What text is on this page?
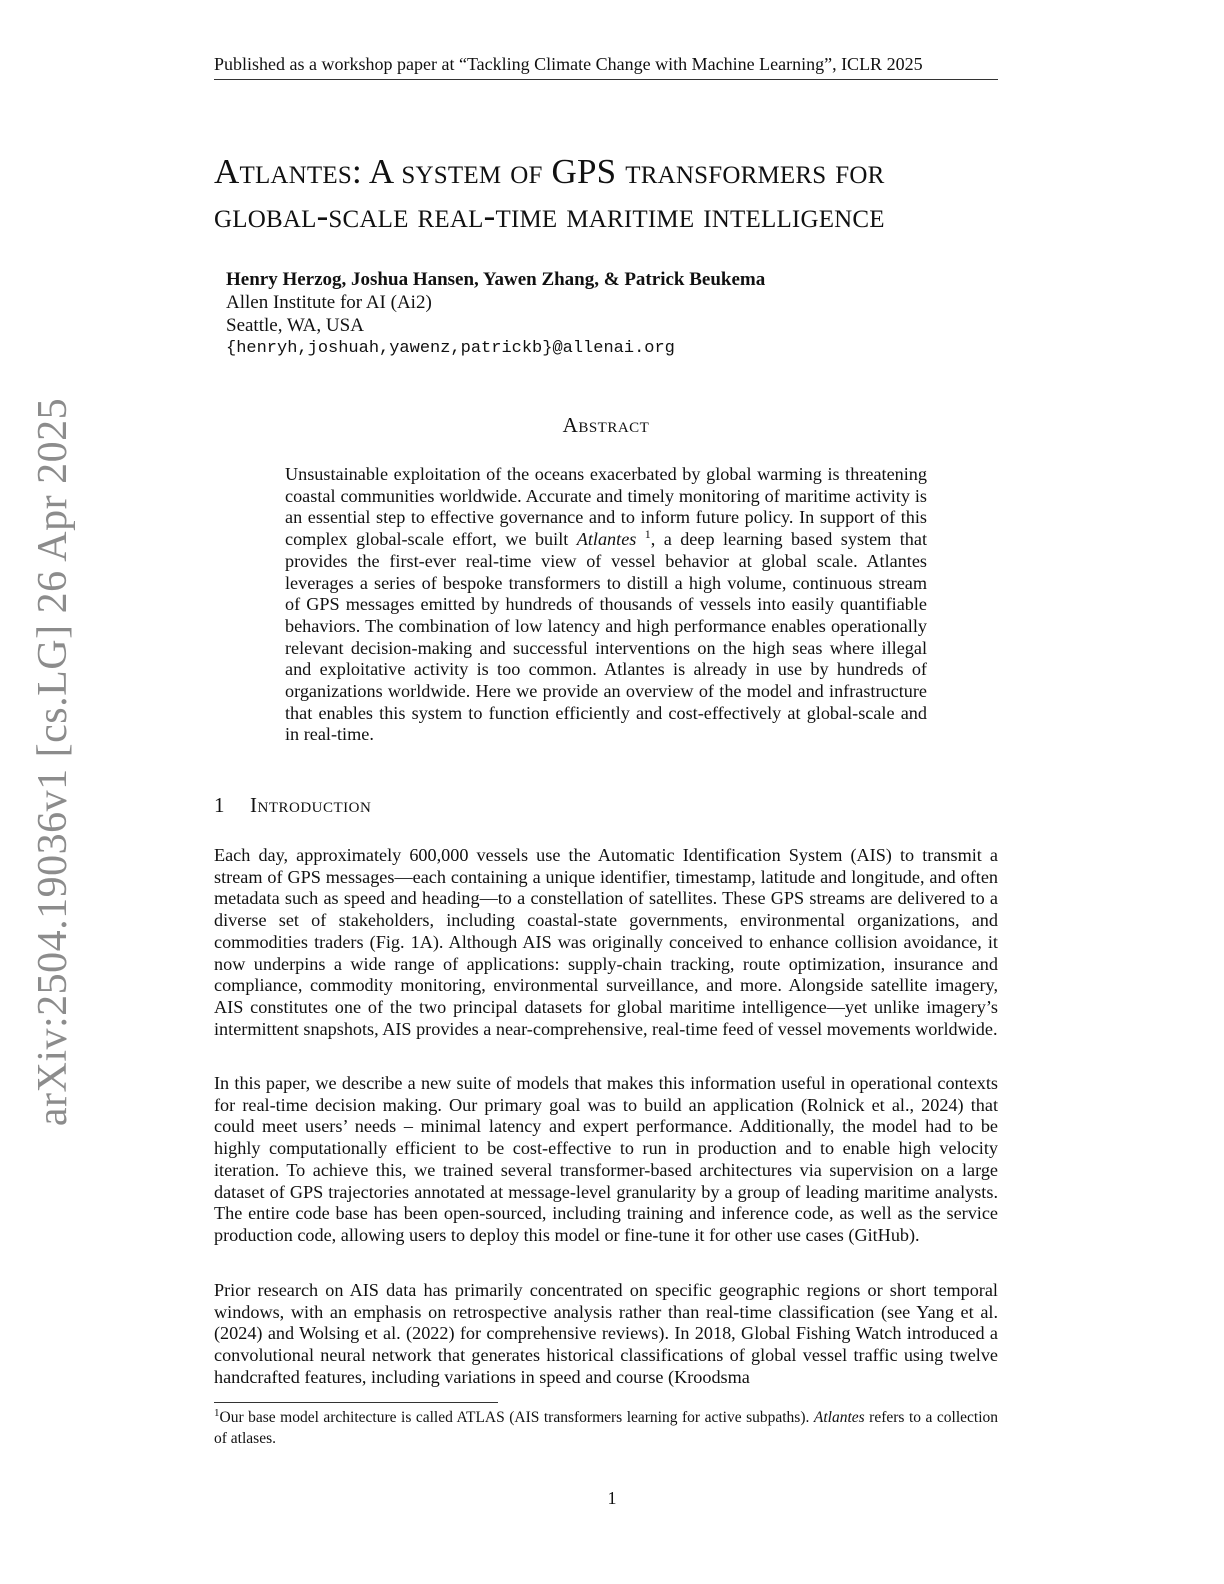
Published as a workshop paper at “Tackling Climate Change with Machine Learning”, ICLR 2025
arXiv:2504.19036v1 [cs.LG] 26 Apr 2025
Atlantes: A system of GPS transformers for
global-scale real-time maritime intelligence
Henry Herzog, Joshua Hansen, Yawen Zhang, & Patrick Beukema
Allen Institute for AI (Ai2)
Seattle, WA, USA
{henryh,joshuah,yawenz,patrickb}@allenai.org
Abstract

Unsustainable exploitation of the oceans exacerbated by global warming is threatening coastal communities worldwide. Accurate and timely monitoring of maritime activity is an essential step to effective governance and to inform future policy. In support of this complex global-scale effort, we built Atlantes $^1$, a deep learning based system that provides the first-ever real-time view of vessel behavior at global scale. Atlantes leverages a series of bespoke transformers to distill a high volume, continuous stream of GPS messages emitted by hundreds of thousands of vessels into easily quantifiable behaviors. The combination of low latency and high performance enables operationally relevant decision-making and successful interventions on the high seas where illegal and exploitative activity is too common. Atlantes is already in use by hundreds of organizations worldwide. Here we provide an overview of the model and infrastructure that enables this system to function efficiently and cost-effectively at global-scale and in real-time.

1 Introduction

Each day, approximately 600,000 vessels use the Automatic Identification System (AIS) to transmit a stream of GPS messages—each containing a unique identifier, timestamp, latitude and longitude, and often metadata such as speed and heading—to a constellation of satellites. These GPS streams are delivered to a diverse set of stakeholders, including coastal-state governments, environmental organizations, and commodities traders (Fig. 1A). Although AIS was originally conceived to enhance collision avoidance, it now underpins a wide range of applications: supply-chain tracking, route optimization, insurance and compliance, commodity monitoring, environmental surveillance, and more. Alongside satellite imagery, AIS constitutes one of the two principal datasets for global maritime intelligence—yet unlike imagery’s intermittent snapshots, AIS provides a near-comprehensive, real-time feed of vessel movements worldwide.

In this paper, we describe a new suite of models that makes this information useful in operational contexts for real-time decision making. Our primary goal was to build an application (Rolnick et al., 2024) that could meet users’ needs – minimal latency and expert performance. Additionally, the model had to be highly computationally efficient to be cost-effective to run in production and to enable high velocity iteration. To achieve this, we trained several transformer-based architectures via supervision on a large dataset of GPS trajectories annotated at message-level granularity by a group of leading maritime analysts. The entire code base has been open-sourced, including training and inference code, as well as the service production code, allowing users to deploy this model or fine-tune it for other use cases (GitHub).

Prior research on AIS data has primarily concentrated on specific geographic regions or short temporal windows, with an emphasis on retrospective analysis rather than real-time classification (see Yang et al. (2024) and Wolsing et al. (2022) for comprehensive reviews). In 2018, Global Fishing Watch introduced a convolutional neural network that generates historical classifications of global vessel traffic using twelve handcrafted features, including variations in speed and course (Kroodsma

$^1$Our base model architecture is called ATLAS (AIS transformers learning for active subpaths). Atlantes refers to a collection of atlases.

1
